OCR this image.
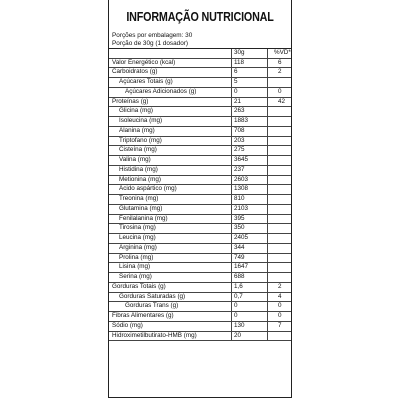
INFORMAÇÃO NUTRICIONAL
Porções por embalagem: 30
Porção de 30g (1 dosador)
	30g	%VD*
Valor Energético (kcal)	118	6
Carboidratos (g)	6	2
Açúcares Totais (g)	5	
Açúcares Adicionados (g)	0	0
Proteínas (g)	21	42
Glicina (mg)	263	
Isoleucina (mg)	1883	
Alanina (mg)	708	
Triptofano (mg)	203	
Cisteína (mg)	275	
Valina (mg)	3645	
Histidina (mg)	237	
Metionina (mg)	2603	
Ácido aspártico (mg)	1308	
Treonina (mg)	810	
Glutamina (mg)	2103	
Fenilalanina (mg)	395	
Tirosina (mg)	350	
Leucina (mg)	2405	
Arginina (mg)	344	
Prolina (mg)	749	
Lisina (mg)	1647	
Serina (mg)	688	
Gorduras Totais (g)	1,6	2
Gorduras Saturadas (g)	0,7	4
Gorduras Trans (g)	0	0
Fibras Alimentares (g)	0	0
Sódio (mg)	130	7
Hidroximetilbutirato-HMB (mg)	20	
